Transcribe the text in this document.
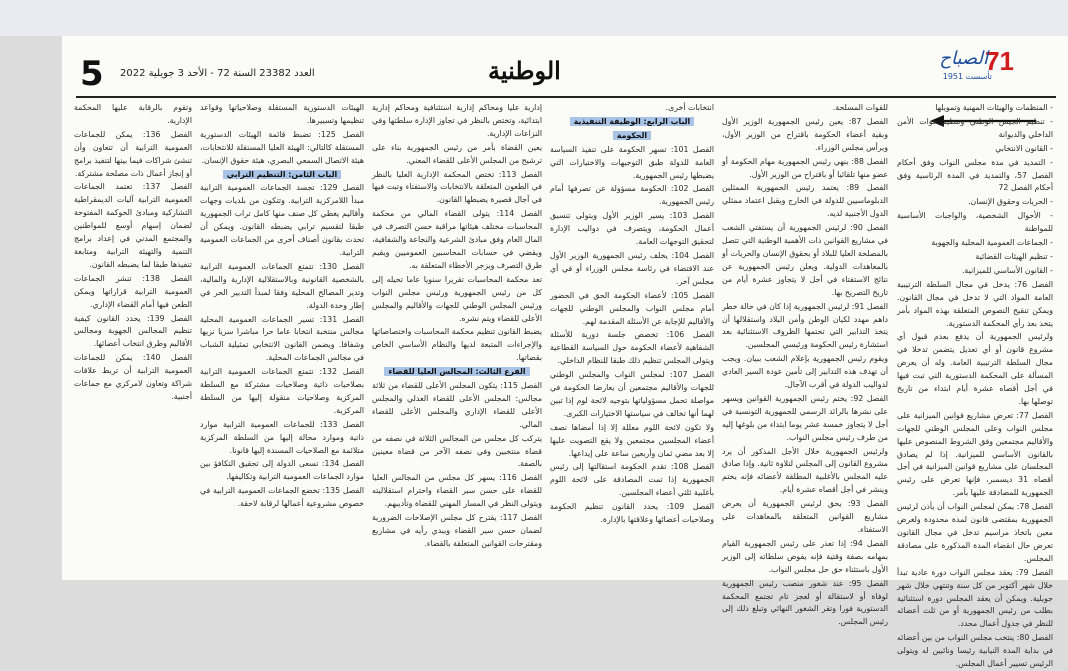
71
الصباح
تأسست 1951
الوطنية
5 العدد 23382 السنة 72 - الأحد 3 جويلية 2022

- المنظمات والهيئات المهنية وتمويلها

- تنظيم الجيش الوطني وتنظيم قوات الأمن الداخلي والديوانة

- القانون الانتخابي

- التمديد في مدة مجلس النواب وفق أحكام الفصل 57، والتمديد في المدة الرئاسية وفق أحكام الفصل 72

- الحريات وحقوق الإنسان.

- الأحوال الشخصية، والواجبات الأساسية للمواطنة

- الجماعات العمومية المحلية والجهوية

- تنظيم الهيئات القضائية

- القانون الأساسي للميزانية.

الفصل 76: يدخل في مجال السلطة الترتيبية العامة المواد التي لا تدخل في مجال القانون. ويمكن تنقيح النصوص المتعلقة بهذه المواد بأمر يتخذ بعد رأي المحكمة الدستورية.

ولرئيس الجمهورية أن يدفع بعدم قبول أي مشروع قانون أو أي تعديل يتضمن تدخلا في مجال السلطة الترتيبية العامة. وله أن يعرض المسألة على المحكمة الدستورية التي تبت فيها في أجل أقصاه عشرة أيام ابتداء من تاريخ توصلها بها.

الفصل 77: تعرض مشاريع قوانين الميزانية على مجلس النواب وعلى المجلس الوطني للجهات والأقاليم مجتمعين وفق الشروط المنصوص عليها بالقانون الأساسي للميزانية. إذا لم يصادق المجلسان على مشاريع قوانين الميزانية في أجل أقصاه 31 ديسمبر، فإنها تعرض على رئيس الجمهورية للمصادقة عليها بأمر.

الفصل 78: يمكن لمجلس النواب أن يأذن لرئيس الجمهورية بمقتضى قانون لمدة محدودة ولغرض معين باتخاذ مراسيم تدخل في مجال القانون تعرض حال انقضاء المدة المذكورة على مصادقة المجلس.

الفصل 79: يعقد مجلس النواب دورة عادية تبدأ خلال شهر أكتوبر من كل سنة وتنتهي خلال شهر جويلية. ويمكن أن يعقد المجلس دورة استثنائية بطلب من رئيس الجمهورية أو من ثلث أعضائه للنظر في جدول أعمال محدد.

الفصل 80: ينتخب مجلس النواب من بين أعضائه في بداية المدة النيابية رئيسا ونائبين له ويتولى الرئيس تسيير أعمال المجلس.

للقوات المسلحة.

الفصل 87: يعين رئيس الجمهورية الوزير الأول وبقية أعضاء الحكومة باقتراح من الوزير الأول، ويرأس مجلس الوزراء.

الفصل 88: ينهي رئيس الجمهورية مهام الحكومة أو عضو منها تلقائيا أو باقتراح من الوزير الأول.

الفصل 89: يعتمد رئيس الجمهورية الممثلين الدبلوماسيين للدولة في الخارج ويقبل اعتماد ممثلي الدول الأجنبية لديه.

الفصل 90: لرئيس الجمهورية أن يستفتي الشعب في مشاريع القوانين ذات الأهمية الوطنية التي تتصل بالمصلحة العليا للبلاد أو بحقوق الإنسان والحريات أو بالمعاهدات الدولية. ويعلن رئيس الجمهورية عن نتائج الاستفتاء في أجل لا يتجاوز عشرة أيام من تاريخ التصريح بها.

الفصل 91: لرئيس الجمهورية إذا كان في حالة خطر داهم مهدد لكيان الوطن وأمن البلاد واستقلالها أن يتخذ التدابير التي تحتمها الظروف الاستثنائية بعد استشارة رئيس الحكومة ورئيسي المجلسين.

ويقوم رئيس الجمهورية بإعلام الشعب ببيان. ويجب أن تهدف هذه التدابير إلى تأمين عودة السير العادي لدواليب الدولة في أقرب الآجال.

الفصل 92: يختم رئيس الجمهورية القوانين ويسهر على نشرها بالرائد الرسمي للجمهورية التونسية في أجل لا يتجاوز خمسة عشر يوما ابتداء من بلوغها إليه من طرف رئيس مجلس النواب.

ولرئيس الجمهورية خلال الأجل المذكور أن يرد مشروع القانون إلى المجلس لتلاوة ثانية. وإذا صادق عليه المجلس بالأغلبية المطلقة لأعضائه فإنه يختم وينشر في أجل أقصاه عشرة أيام.

الفصل 93: يحق لرئيس الجمهورية أن يعرض مشاريع القوانين المتعلقة بالمعاهدات على الاستفتاء.

الفصل 94: إذا تعذر على رئيس الجمهورية القيام بمهامه بصفة وقتية فإنه يفوض سلطاته إلى الوزير الأول باستثناء حق حل مجلس النواب.

الفصل 95: عند شغور منصب رئيس الجمهورية لوفاة أو لاستقالة أو لعجز تام تجتمع المحكمة الدستورية فورا وتقر الشغور النهائي وتبلغ ذلك إلى رئيس المجلس.

انتخابات أخرى.

الباب الرابع: الوظيفة التنفيذية

الحكومة

الفصل 101: تسهر الحكومة على تنفيذ السياسة العامة للدولة طبق التوجيهات والاختيارات التي يضبطها رئيس الجمهورية.

الفصل 102: الحكومة مسؤولة عن تصرفها أمام رئيس الجمهورية.

الفصل 103: يسير الوزير الأول ويتولى تنسيق أعمال الحكومة، ويتصرف في دواليب الإدارة لتحقيق التوجهات العامة.

الفصل 104: يخلف رئيس الجمهورية الوزير الأول عند الاقتضاء في رئاسة مجلس الوزراء أو في أي مجلس آخر.

الفصل 105: لأعضاء الحكومة الحق في الحضور أمام مجلس النواب والمجلس الوطني للجهات والأقاليم للإجابة عن الأسئلة المقدمة لهم.

الفصل 106: تخصص جلسة دورية للأسئلة الشفاهية لأعضاء الحكومة حول السياسة القطاعية ويتولى المجلس تنظيم ذلك طبقا للنظام الداخلي.

الفصل 107: لمجلس النواب والمجلس الوطني للجهات والأقاليم مجتمعين أن يعارضا الحكومة في مواصلة تحمل مسؤولياتها بتوجيه لائحة لوم إذا تبين لهما أنها تخالف في سياستها الاختيارات الكبرى.

ولا تكون لائحة اللوم معللة إلا إذا أمضاها نصف أعضاء المجلسين مجتمعين ولا يقع التصويت عليها إلا بعد مضي ثمان وأربعين ساعة على إيداعها.

الفصل 108: تقدم الحكومة استقالتها إلى رئيس الجمهورية إذا تمت المصادقة على لائحة اللوم بأغلبية ثلثي أعضاء المجلسين.

الفصل 109: يحدد القانون تنظيم الحكومة وصلاحيات أعضائها وعلاقتها بالإدارة.

إدارية عليا ومحاكم إدارية استئنافية ومحاكم إدارية ابتدائية، وتختص بالنظر في تجاوز الإدارة سلطتها وفي النزاعات الإدارية.

يعين القضاة بأمر من رئيس الجمهورية بناء على ترشيح من المجلس الأعلى للقضاء المعني.

الفصل 113: تختص المحكمة الإدارية العليا بالنظر في الطعون المتعلقة بالانتخابات والاستفتاء وتبت فيها في آجال قصيرة يضبطها القانون.

الفصل 114: يتولى القضاء المالي من محكمة المحاسبات مختلف هيئاتها مراقبة حسن التصرف في المال العام وفق مبادئ الشرعية والنجاعة والشفافية، ويقضي في حسابات المحاسبين العموميين ويقيم طرق التصرف ويزجر الأخطاء المتعلقة به.

تعد محكمة المحاسبات تقريرا سنويا عاما تحيله إلى كل من رئيس الجمهورية ورئيس مجلس النواب ورئيس المجلس الوطني للجهات والأقاليم والمجلس الأعلى للقضاء ويتم نشره.

يضبط القانون تنظيم محكمة المحاسبات واختصاصاتها والإجراءات المتبعة لديها والنظام الأساسي الخاص بقضاتها.

الفرع الثالث: المجالس العليا للقضاء

الفصل 115: يتكون المجلس الأعلى للقضاء من ثلاثة مجالس: المجلس الأعلى للقضاء العدلي والمجلس الأعلى للقضاء الإداري والمجلس الأعلى للقضاء المالي.

يتركب كل مجلس من المجالس الثلاثة في نصفه من قضاة منتخبين وفي نصفه الآخر من قضاة معينين بالصفة.

الفصل 116: يسهر كل مجلس من المجالس العليا للقضاء على حسن سير القضاء واحترام استقلاليته ويتولى النظر في المسار المهني للقضاة وتأديبهم.

الفصل 117: يقترح كل مجلس الإصلاحات الضرورية لضمان حسن سير القضاء ويبدي رأيه في مشاريع ومقترحات القوانين المتعلقة بالقضاء.

الهيئات الدستورية المستقلة وصلاحياتها وقواعد تنظيمها وتسييرها.

الفصل 125: تضبط قائمة الهيئات الدستورية المستقلة كالتالي: الهيئة العليا المستقلة للانتخابات، هيئة الاتصال السمعي البصري، هيئة حقوق الإنسان.

الباب الثامن: التنظيم الترابي

الفصل 129: تجسد الجماعات العمومية الترابية مبدأ اللامركزية الترابية. وتتكون من بلديات وجهات وأقاليم يغطي كل صنف منها كامل تراب الجمهورية طبقا لتقسيم ترابي يضبطه القانون. ويمكن أن تحدث بقانون أصناف أخرى من الجماعات العمومية الترابية.

الفصل 130: تتمتع الجماعات العمومية الترابية بالشخصية القانونية وبالاستقلالية الإدارية والمالية، وتدير المصالح المحلية وفقا لمبدأ التدبير الحر في إطار وحدة الدولة.

الفصل 131: تسير الجماعات العمومية المحلية مجالس منتخبة انتخابا عاما حرا مباشرا سريا نزيها وشفافا. ويضمن القانون الانتخابي تمثيلية الشباب في مجالس الجماعات المحلية.

الفصل 132: تتمتع الجماعات العمومية الترابية بصلاحيات ذاتية وصلاحيات مشتركة مع السلطة المركزية وصلاحيات منقولة إليها من السلطة المركزية.

الفصل 133: للجماعات العمومية الترابية موارد ذاتية وموارد محالة إليها من السلطة المركزية متلائمة مع الصلاحيات المسندة إليها قانونا.

الفصل 134: تسعى الدولة إلى تحقيق التكافؤ بين موارد الجماعات العمومية الترابية وتكاليفها.

الفصل 135: تخضع الجماعات العمومية الترابية في خصوص مشروعية أعمالها لرقابة لاحقة.

وتقوم بالرقابة عليها المحكمة الإدارية.

الفصل 136: يمكن للجماعات العمومية الترابية أن تتعاون وأن تنشئ شراكات فيما بينها لتنفيذ برامج أو إنجاز أعمال ذات مصلحة مشتركة.

الفصل 137: تعتمد الجماعات العمومية الترابية آليات الديمقراطية التشاركية ومبادئ الحوكمة المفتوحة لضمان إسهام أوسع للمواطنين والمجتمع المدني في إعداد برامج التنمية والتهيئة الترابية ومتابعة تنفيذها طبقا لما يضبطه القانون.

الفصل 138: تنشر الجماعات العمومية الترابية قراراتها ويمكن الطعن فيها أمام القضاء الإداري.

الفصل 139: يحدد القانون كيفية تنظيم المجالس الجهوية ومجالس الأقاليم وطرق انتخاب أعضائها.

الفصل 140: يمكن للجماعات العمومية الترابية أن تربط علاقات شراكة وتعاون لامركزي مع جماعات أجنبية.
